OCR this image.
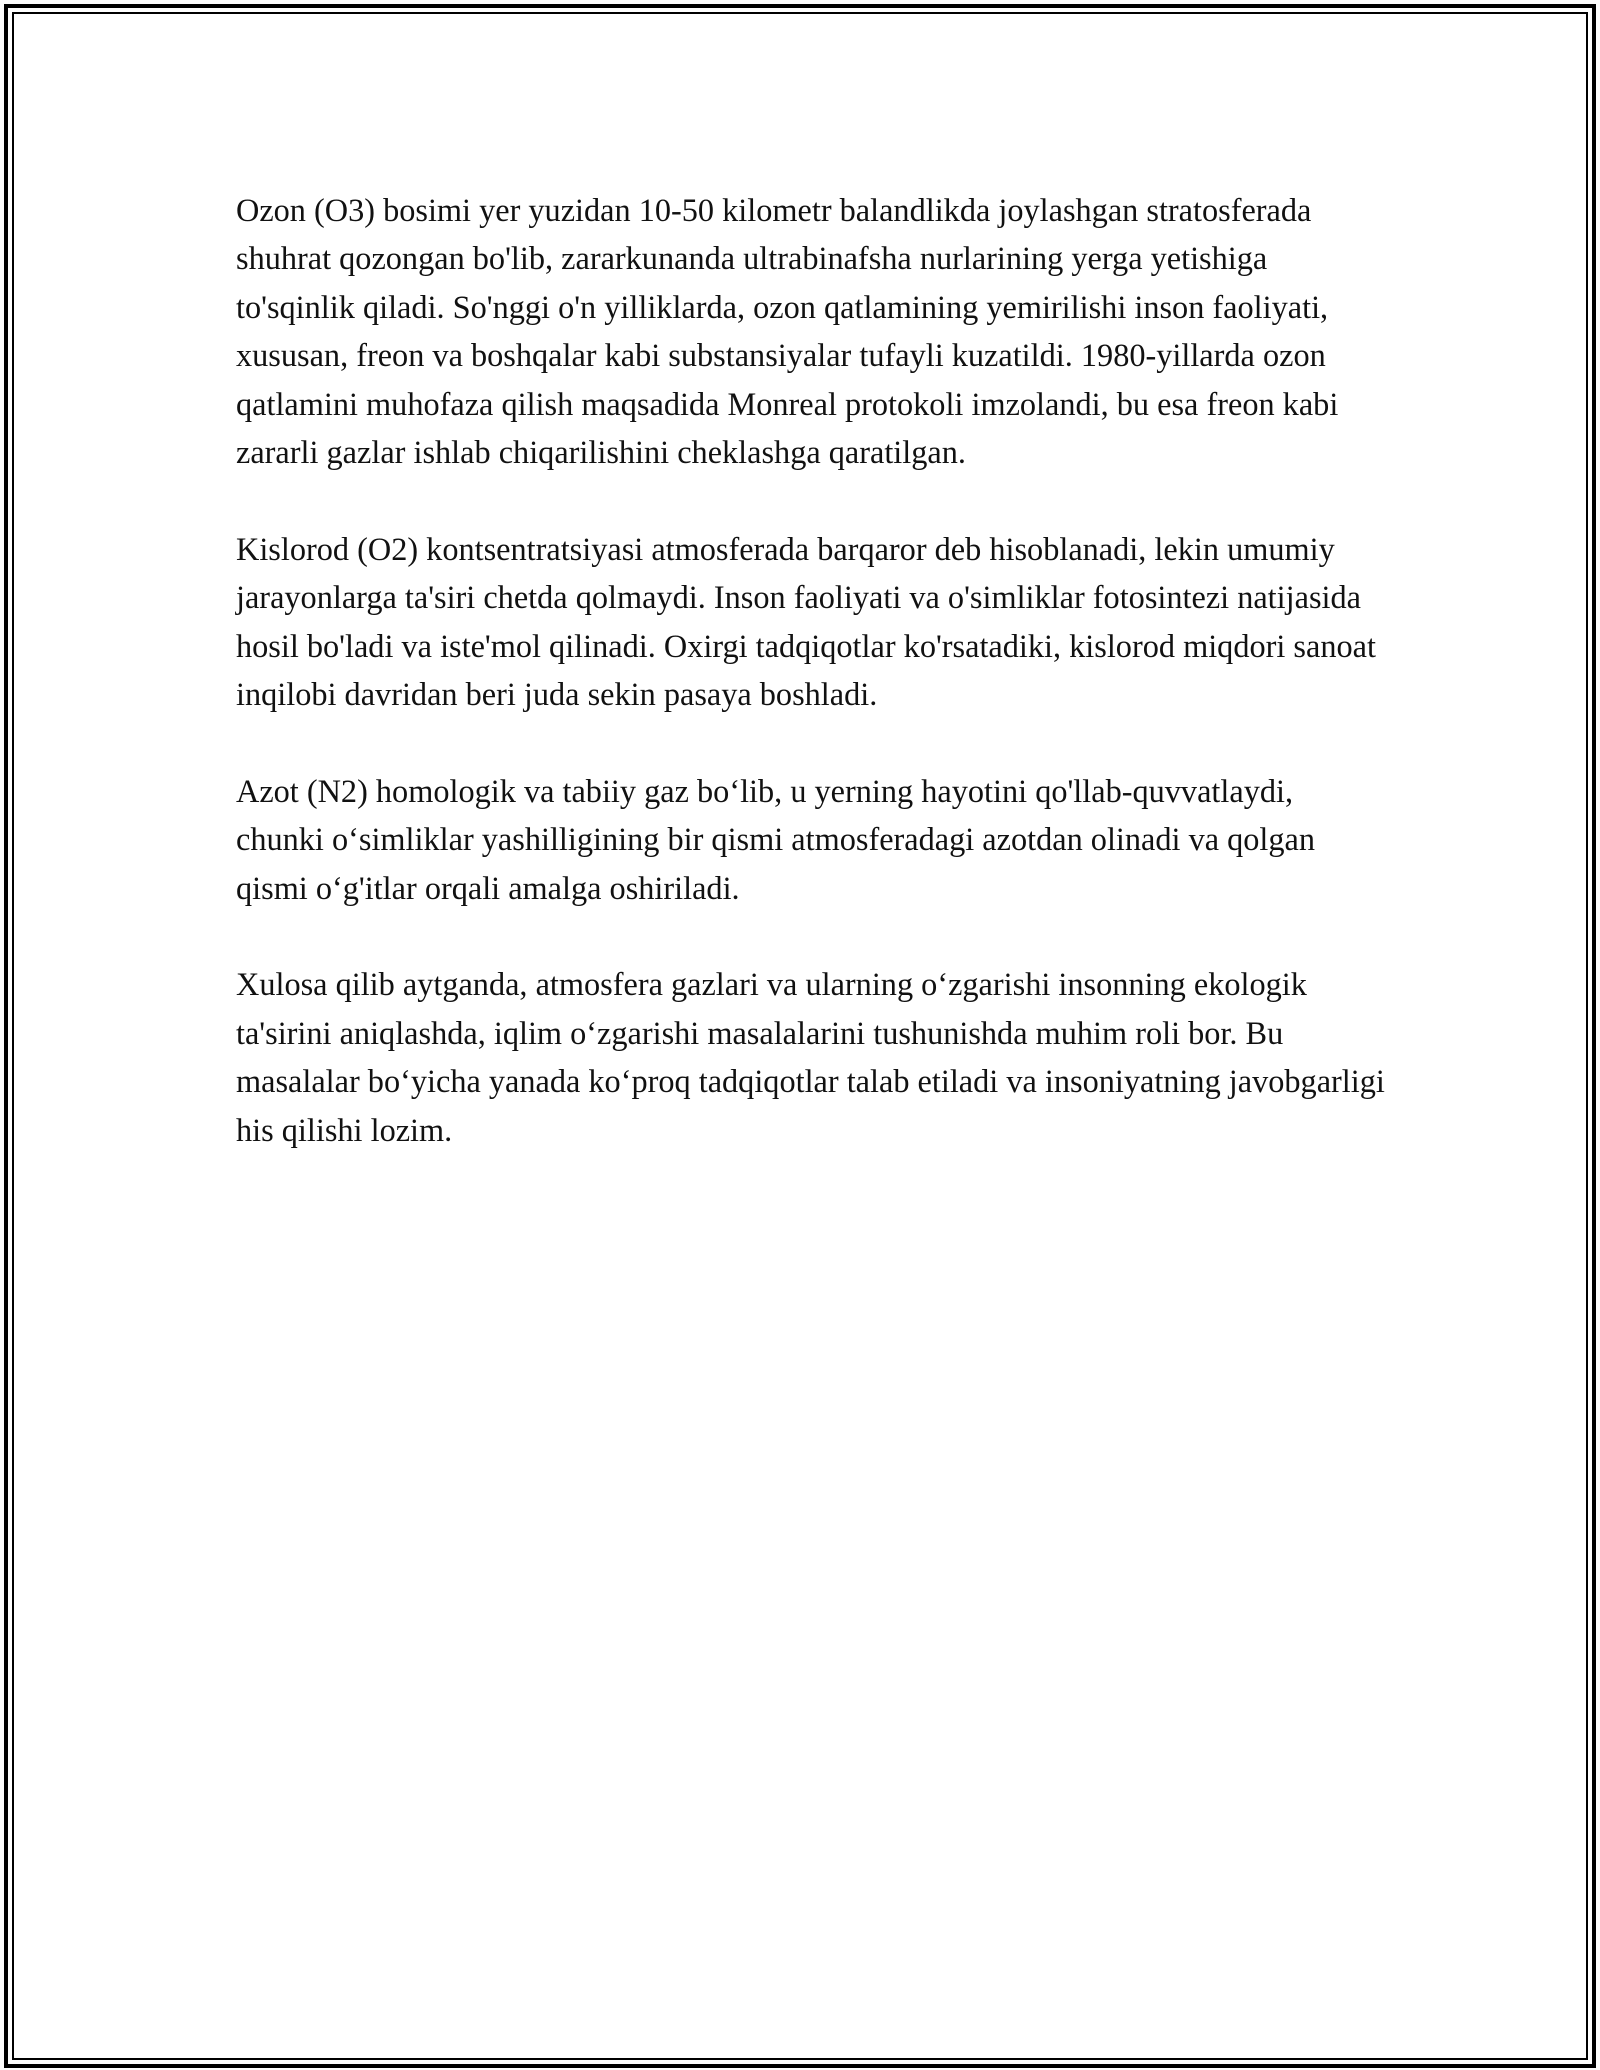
Ozon (O3) bosimi yer yuzidan 10-50 kilometr balandlikda joylashgan stratosferada shuhrat qozongan bo'lib, zararkunanda ultrabinafsha nurlarining yerga yetishiga to'sqinlik qiladi. So'nggi o'n yilliklarda, ozon qatlamining yemirilishi inson faoliyati, xususan, freon va boshqalar kabi substansiyalar tufayli kuzatildi. 1980-yillarda ozon qatlamini muhofaza qilish maqsadida Monreal protokoli imzolandi, bu esa freon kabi zararli gazlar ishlab chiqarilishini cheklashga qaratilgan.

Kislorod (O2) kontsentratsiyasi atmosferada barqaror deb hisoblanadi, lekin umumiy jarayonlarga ta'siri chetda qolmaydi. Inson faoliyati va o'simliklar fotosintezi natijasida hosil bo'ladi va iste'mol qilinadi. Oxirgi tadqiqotlar ko'rsatadiki, kislorod miqdori sanoat inqilobi davridan beri juda sekin pasaya boshladi.

Azot (N2) homologik va tabiiy gaz bo‘lib, u yerning hayotini qo'llab-quvvatlaydi, chunki o‘simliklar yashilligining bir qismi atmosferadagi azotdan olinadi va qolgan qismi o‘g'itlar orqali amalga oshiriladi.

Xulosa qilib aytganda, atmosfera gazlari va ularning o‘zgarishi insonning ekologik ta'sirini aniqlashda, iqlim o‘zgarishi masalalarini tushunishda muhim roli bor. Bu masalalar bo‘yicha yanada ko‘proq tadqiqotlar talab etiladi va insoniyatning javobgarligi his qilishi lozim.
